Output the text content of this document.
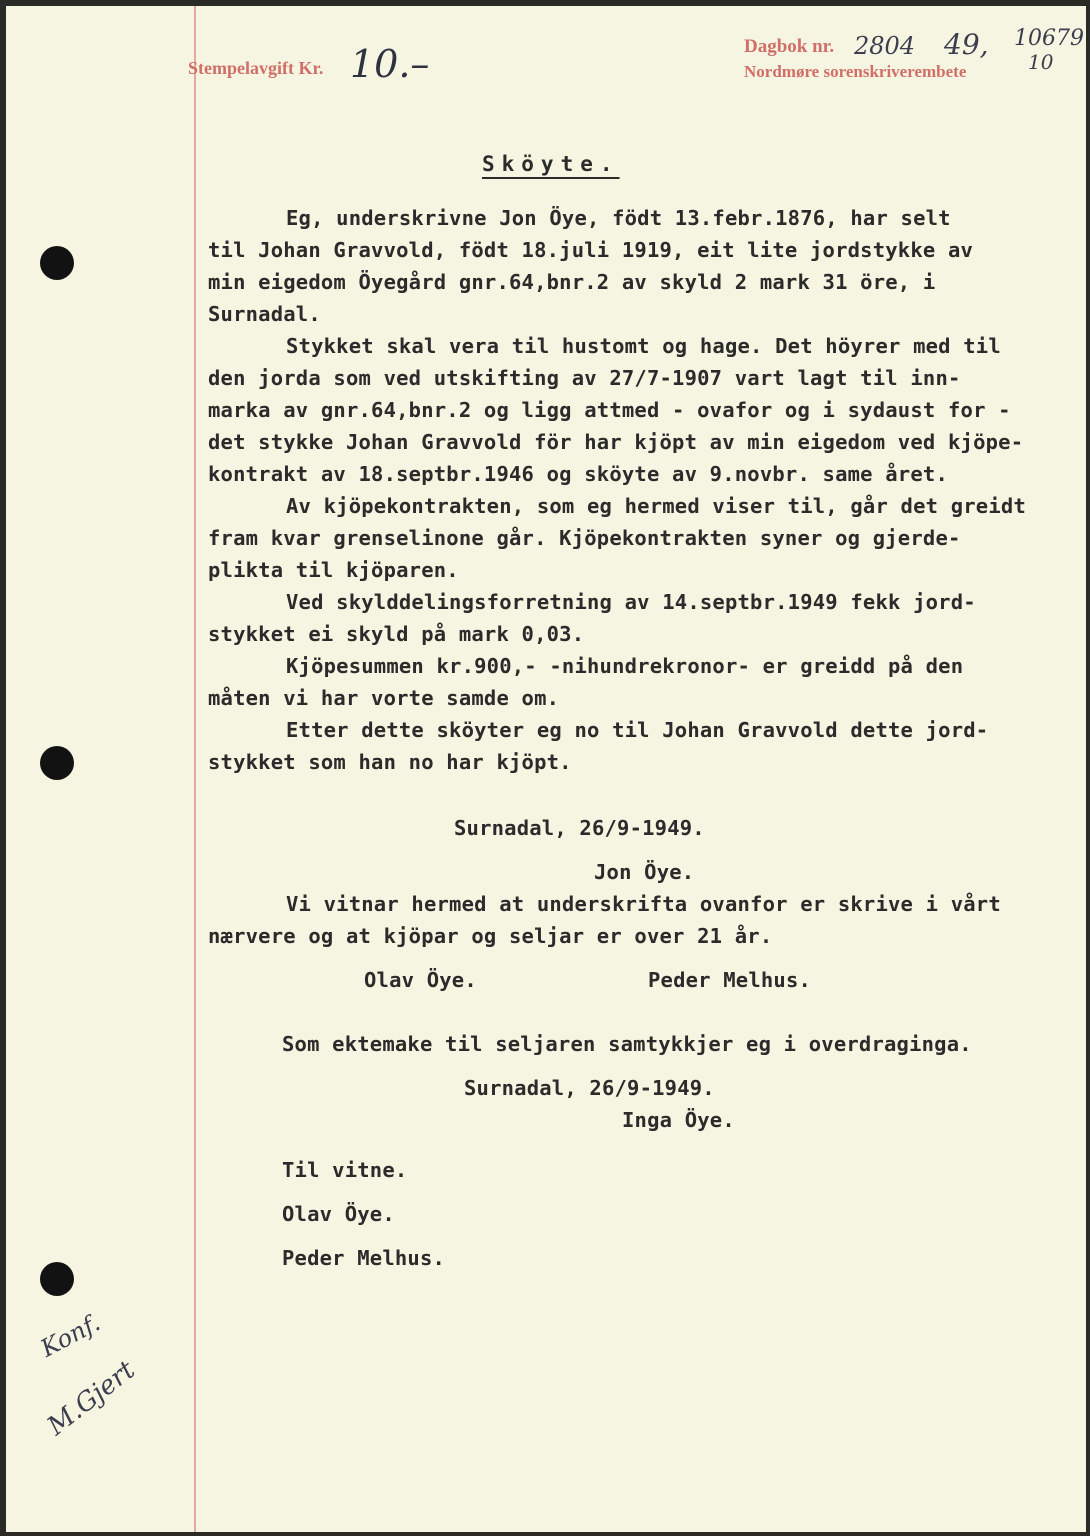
Stempelavgift Kr. 10.–	Dagbok nr. 2804 49, 10679
10
Nordmøre sorenskriverembete
Sköyte.
Eg, underskrivne Jon Öye, födt 13.febr.1876, har selt
til Johan Gravvold, födt 18.juli 1919, eit lite jordstykke av
min eigedom Öyegård gnr.64,bnr.2 av skyld 2 mark 31 öre, i
Surnadal.
Stykket skal vera til hustomt og hage. Det höyrer med til
den jorda som ved utskifting av 27/7-1907 vart lagt til inn-
marka av gnr.64,bnr.2 og ligg attmed - ovafor og i sydaust for -
det stykke Johan Gravvold för har kjöpt av min eigedom ved kjöpe-
kontrakt av 18.septbr.1946 og sköyte av 9.novbr. same året.
Av kjöpekontrakten, som eg hermed viser til, går det greidt
fram kvar grenselinone går. Kjöpekontrakten syner og gjerde-
plikta til kjöparen.
Ved skylddelingsforretning av 14.septbr.1949 fekk jord-
stykket ei skyld på mark 0,03.
Kjöpesummen kr.900,- -nihundrekronor- er greidd på den
måten vi har vorte samde om.
Etter dette sköyter eg no til Johan Gravvold dette jord-
stykket som han no har kjöpt.
Surnadal, 26/9-1949.
Jon Öye.
Vi vitnar hermed at underskrifta ovanfor er skrive i vårt
nærvere og at kjöpar og seljar er over 21 år.
Olav Öye.	Peder Melhus.
Som ektemake til seljaren samtykkjer eg i overdraginga.
Surnadal, 26/9-1949.
Inga Öye.
Til vitne.
Olav Öye.
Peder Melhus.
Konf.
M.Gjert
